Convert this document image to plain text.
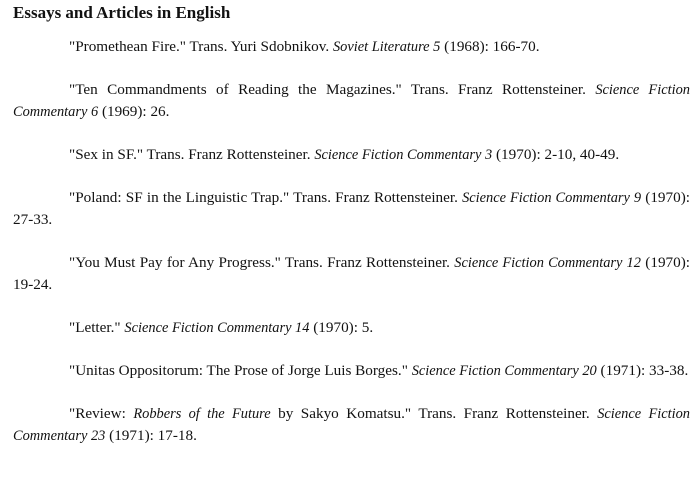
Essays and Articles in English
"Promethean Fire." Trans. Yuri Sdobnikov. Soviet Literature 5 (1968): 166-70.
"Ten Commandments of Reading the Magazines." Trans. Franz Rottensteiner. Science Fiction Commentary 6 (1969): 26.
"Sex in SF." Trans. Franz Rottensteiner. Science Fiction Commentary 3 (1970): 2-10, 40-49.
"Poland: SF in the Linguistic Trap." Trans. Franz Rottensteiner. Science Fiction Commentary 9 (1970): 27-33.
"You Must Pay for Any Progress." Trans. Franz Rottensteiner. Science Fiction Commentary 12 (1970): 19-24.
"Letter." Science Fiction Commentary 14 (1970): 5.
"Unitas Oppositorum: The Prose of Jorge Luis Borges." Science Fiction Commentary 20 (1971): 33-38.
"Review: Robbers of the Future by Sakyo Komatsu." Trans. Franz Rottensteiner. Science Fiction Commentary 23 (1971): 17-18.
